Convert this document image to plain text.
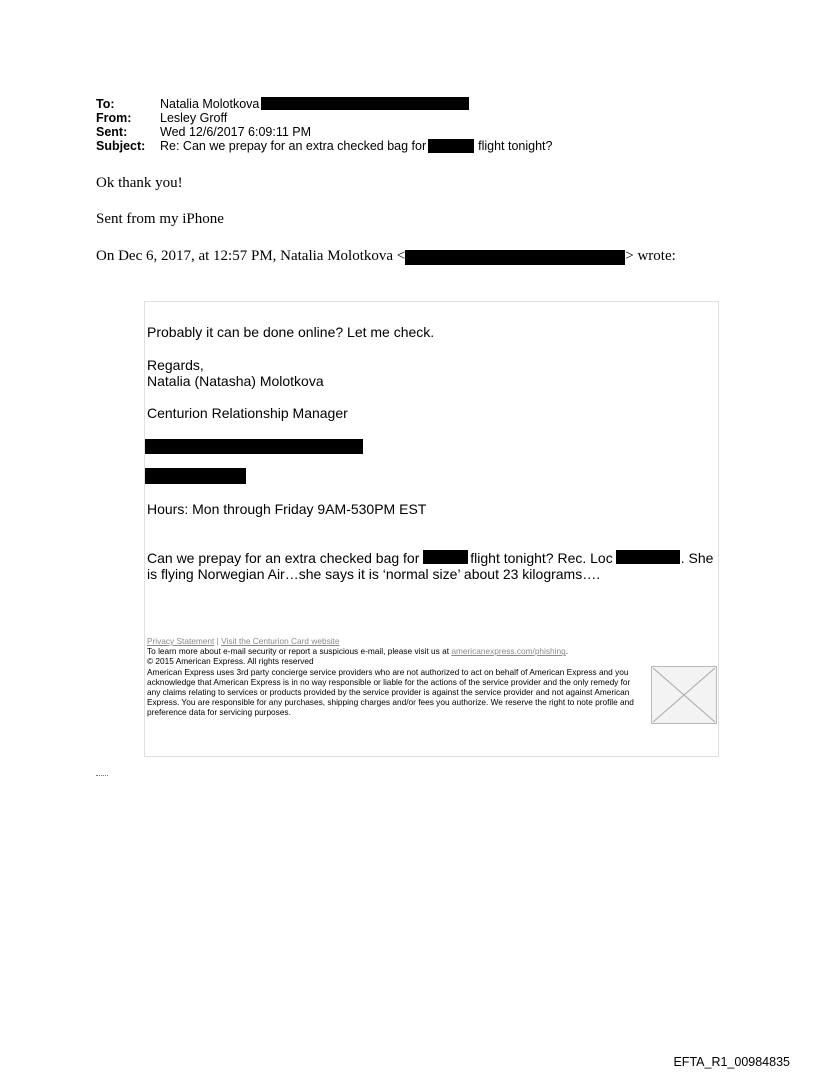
To:	Natalia Molotkova
From:	Lesley Groff
Sent:	Wed 12/6/2017 6:09:11 PM
Subject:	Re: Can we prepay for an extra checked bag for	flight tonight?
Ok thank you!
Sent from my iPhone
On Dec 6, 2017, at 12:57 PM, Natalia Molotkova <	> wrote:
Probably it can be done online? Let me check.
Regards,
Natalia (Natasha) Molotkova
Centurion Relationship Manager
Hours: Mon through Friday 9AM-530PM EST
Can we prepay for an extra checked bag for	flight tonight? Rec. Loc	. She
is flying Norwegian Air…she says it is ‘normal size’ about 23 kilograms….

Privacy Statement | Visit the Centurion Card website

To learn more about e-mail security or report a suspicious e-mail, please visit us at americanexpress.com/phishing.

© 2015 American Express. All rights reserved

American Express uses 3rd party concierge service providers who are not authorized to act on behalf of American Express and you acknowledge that American Express is in no way responsible or liable for the actions of the service provider and the only remedy for any claims relating to services or products provided by the service provider is against the service provider and not against American Express. You are responsible for any purchases, shipping charges and/or fees you authorize. We reserve the right to note profile and preference data for servicing purposes.

EFTA_R1_00984835
